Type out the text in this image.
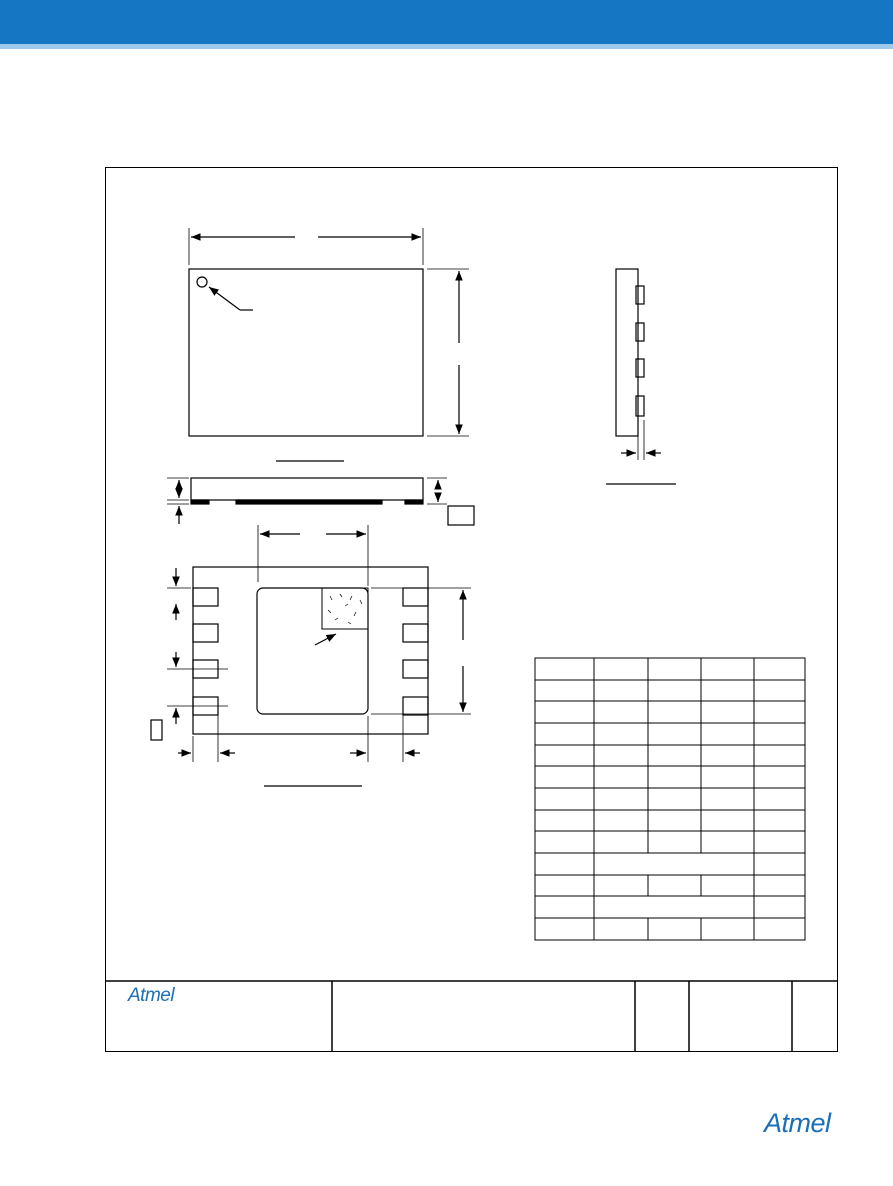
Atmel
Atmel
